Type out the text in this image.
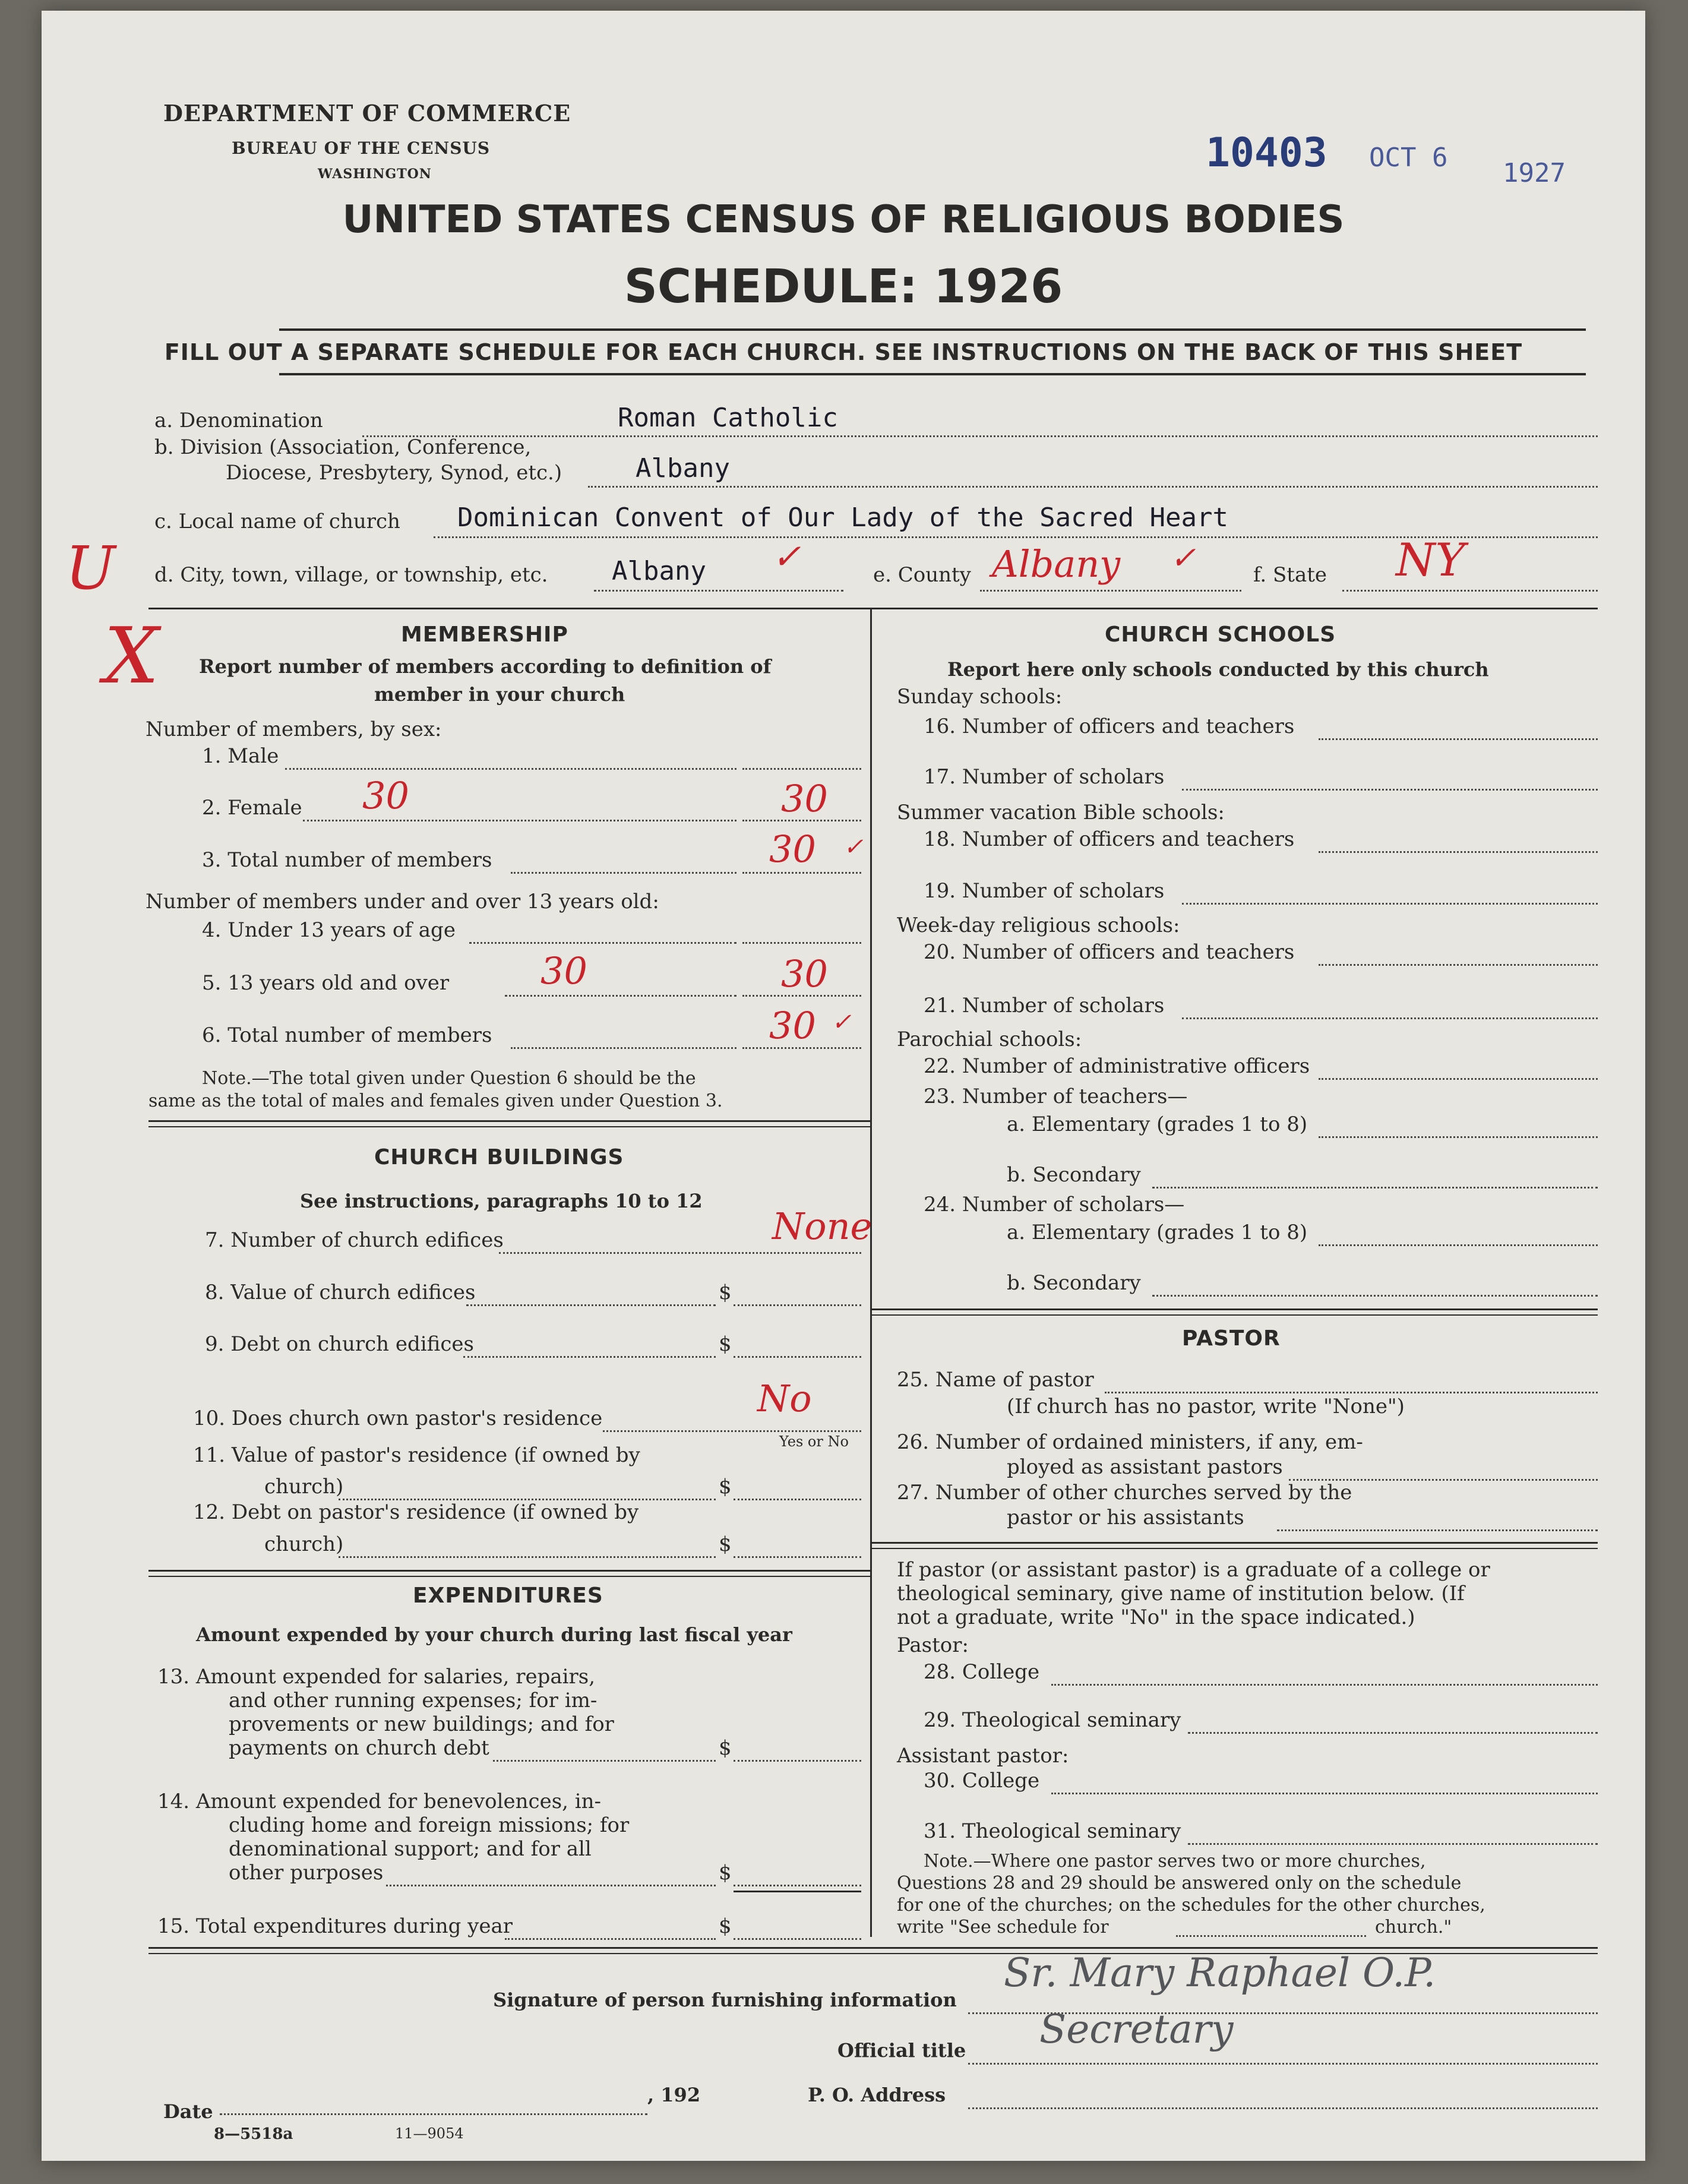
DEPARTMENT OF COMMERCE
BUREAU OF THE CENSUS
WASHINGTON	10403 OCT 6
1927
UNITED STATES CENSUS OF RELIGIOUS BODIES
SCHEDULE: 1926
FILL OUT A SEPARATE SCHEDULE FOR EACH CHURCH. SEE INSTRUCTIONS ON THE BACK OF THIS SHEET
a. Denomination	Roman Catholic
b. Division (Association, Conference,
Diocese, Presbytery, Synod, etc.)	Albany
c. Local name of church Dominican Convent of Our Lady of the Sacred Heart
d. City, town, village, or township, etc. Albany ✓	e. County Albany ✓	f. State NY
U
X	MEMBERSHIP
Report number of members according to definition of
member in your church
Number of members, by sex:
1. Male
2. Female 30	30
3. Total number of members	30 ✓
Number of members under and over 13 years old:
4. Under 13 years of age
5. 13 years old and over 30	30
6. Total number of members	30 ✓
Note.—The total given under Question 6 should be the
same as the total of males and females given under Question 3.
CHURCH BUILDINGS
See instructions, paragraphs 10 to 12
7. Number of church edifices	None
8. Value of church edifices	$
9. Debt on church edifices	$
10. Does church own pastor's residence	No
Yes or No
11. Value of pastor's residence (if owned by
church)	$
12. Debt on pastor's residence (if owned by
church)	$
EXPENDITURES
Amount expended by your church during last fiscal year
13. Amount expended for salaries, repairs,
and other running expenses; for im-
provements or new buildings; and for
payments on church debt	$
14. Amount expended for benevolences, in-
cluding home and foreign missions; for
denominational support; and for all
other purposes	$
15. Total expenditures during year	$
CHURCH SCHOOLS
Report here only schools conducted by this church
Sunday schools:
16. Number of officers and teachers
17. Number of scholars
Summer vacation Bible schools:
18. Number of officers and teachers
19. Number of scholars
Week-day religious schools:
20. Number of officers and teachers
21. Number of scholars
Parochial schools:
22. Number of administrative officers
23. Number of teachers—
a. Elementary (grades 1 to 8)
b. Secondary
24. Number of scholars—
a. Elementary (grades 1 to 8)
b. Secondary
PASTOR
25. Name of pastor
(If church has no pastor, write "None")
26. Number of ordained ministers, if any, em-
ployed as assistant pastors
27. Number of other churches served by the
pastor or his assistants
If pastor (or assistant pastor) is a graduate of a college or
theological seminary, give name of institution below. (If
not a graduate, write "No" in the space indicated.)
Pastor:
28. College
29. Theological seminary
Assistant pastor:
30. College
31. Theological seminary
Note.—Where one pastor serves two or more churches,
Questions 28 and 29 should be answered only on the schedule
for one of the churches; on the schedules for the other churches,
write "See schedule for	church."
Signature of person furnishing information
Sr. Mary Raphael O.P.
Official title Secretary
Date
, 192	P. O. Address
8—5518a	11—9054
